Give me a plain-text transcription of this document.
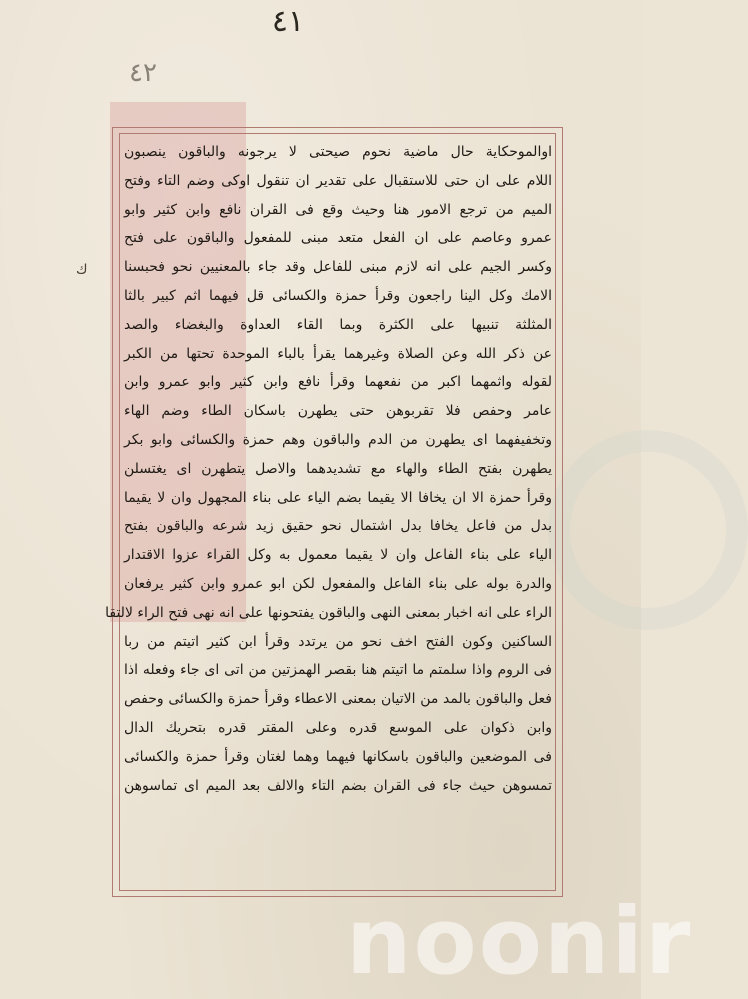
٤١
٤٢
ك
اوالموحكاية حال ماضية نحوم صيحتى لا يرجونه والباقون ينصبون
اللام على ان حتى للاستقبال على تقدير ان تنقول اوكى وضم التاء وفتح
الميم من ترجع الامور هنا وحيث وقع فى القران نافع وابن كثير وابو
عمرو وعاصم على ان الفعل متعد مبنى للمفعول والباقون على فتح
وكسر الجيم على انه لازم مبنى للفاعل وقد جاء بالمعنيين نحو فحبسنا
الامك وكل الينا راجعون وقرأ حمزة والكسائى قل فيهما اثم كبير بالثا
المثلثة تنبيها على الكثرة وبما القاء العداوة والبغضاء والصد
عن ذكر الله وعن الصلاة وغيرهما يقرأ بالباء الموحدة تحتها من الكبر
لقوله واثمهما اكبر من نفعهما وقرأ نافع وابن كثير وابو عمرو وابن
عامر وحفص فلا تقربوهن حتى يطهرن باسكان الطاء وضم الهاء
وتخفيفهما اى يطهرن من الدم والباقون وهم حمزة والكسائى وابو بكر
يطهرن بفتح الطاء والهاء مع تشديدهما والاصل يتطهرن اى يغتسلن
وقرأ حمزة الا ان يخافا الا يقيما بضم الياء على بناء المجهول وان لا يقيما
بدل من فاعل يخافا بدل اشتمال نحو حقيق زيد شرعه والباقون بفتح
الياء على بناء الفاعل وان لا يقيما معمول به وكل القراء عزوا الاقتدار
والدرة بوله على بناء الفاعل والمفعول لكن ابو عمرو وابن كثير يرفعان
الراء على انه اخبار بمعنى النهى والباقون يفتحونها على انه نهى فتح الراء لالتقا
الساكنين وكون الفتح اخف نحو من يرتدد وقرأ ابن كثير اتيتم من ربا
فى الروم واذا سلمتم ما اتيتم هنا بقصر الهمزتين من اتى اى جاء وفعله اذا
فعل والباقون بالمد من الاتيان بمعنى الاعطاء وقرأ حمزة والكسائى وحفص
وابن ذكوان على الموسع قدره وعلى المقتر قدره بتحريك الدال
فى الموضعين والباقون باسكانها فيهما وهما لغتان وقرأ حمزة والكسائى
تمسوهن حيث جاء فى القران بضم التاء والالف بعد الميم اى تماسوهن
noonir
